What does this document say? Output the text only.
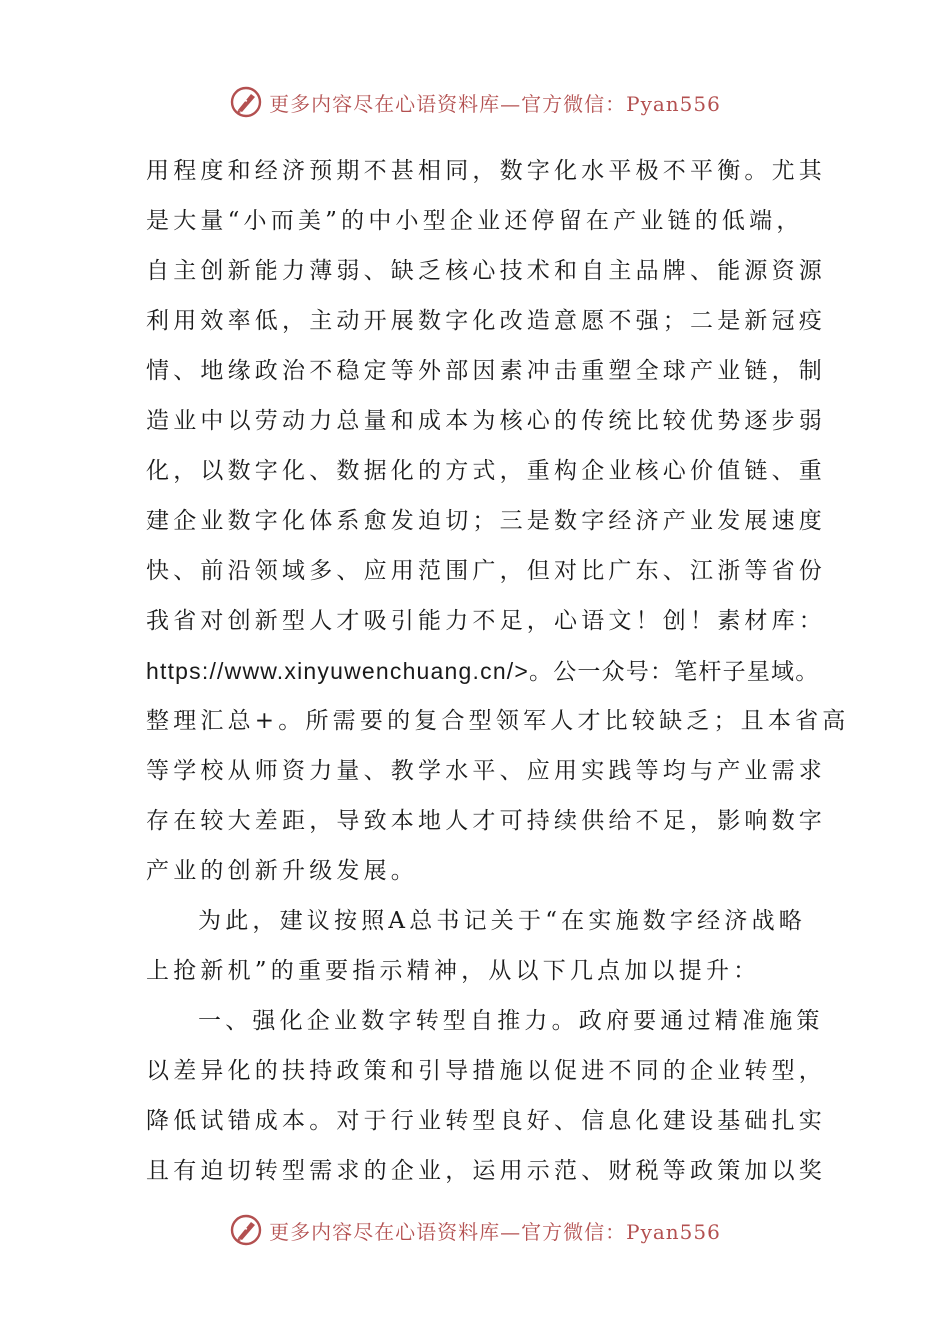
更多内容尽在心语资料库—官方微信：Pyan556
用程度和经济预期不甚相同，数字化水平极不平衡。尤其
是大量“小而美”的中小型企业还停留在产业链的低端，
自主创新能力薄弱、缺乏核心技术和自主品牌、能源资源
利用效率低，主动开展数字化改造意愿不强；二是新冠疫
情、地缘政治不稳定等外部因素冲击重塑全球产业链，制
造业中以劳动力总量和成本为核心的传统比较优势逐步弱
化，以数字化、数据化的方式，重构企业核心价值链、重
建企业数字化体系愈发迫切；三是数字经济产业发展速度
快、前沿领域多、应用范围广，但对比广东、江浙等省份
我省对创新型人才吸引能力不足，心语文！创！素材库：
https://www.xinyuwenchuang.cn/>。公一众号：笔杆子星域。
整理汇总+。所需要的复合型领军人才比较缺乏；且本省高
等学校从师资力量、教学水平、应用实践等均与产业需求
存在较大差距，导致本地人才可持续供给不足，影响数字
产业的创新升级发展。
为此，建议按照A总书记关于“在实施数字经济战略
上抢新机”的重要指示精神，从以下几点加以提升：
一、强化企业数字转型自推力。政府要通过精准施策
以差异化的扶持政策和引导措施以促进不同的企业转型，
降低试错成本。对于行业转型良好、信息化建设基础扎实
且有迫切转型需求的企业，运用示范、财税等政策加以奖
更多内容尽在心语资料库—官方微信：Pyan556
